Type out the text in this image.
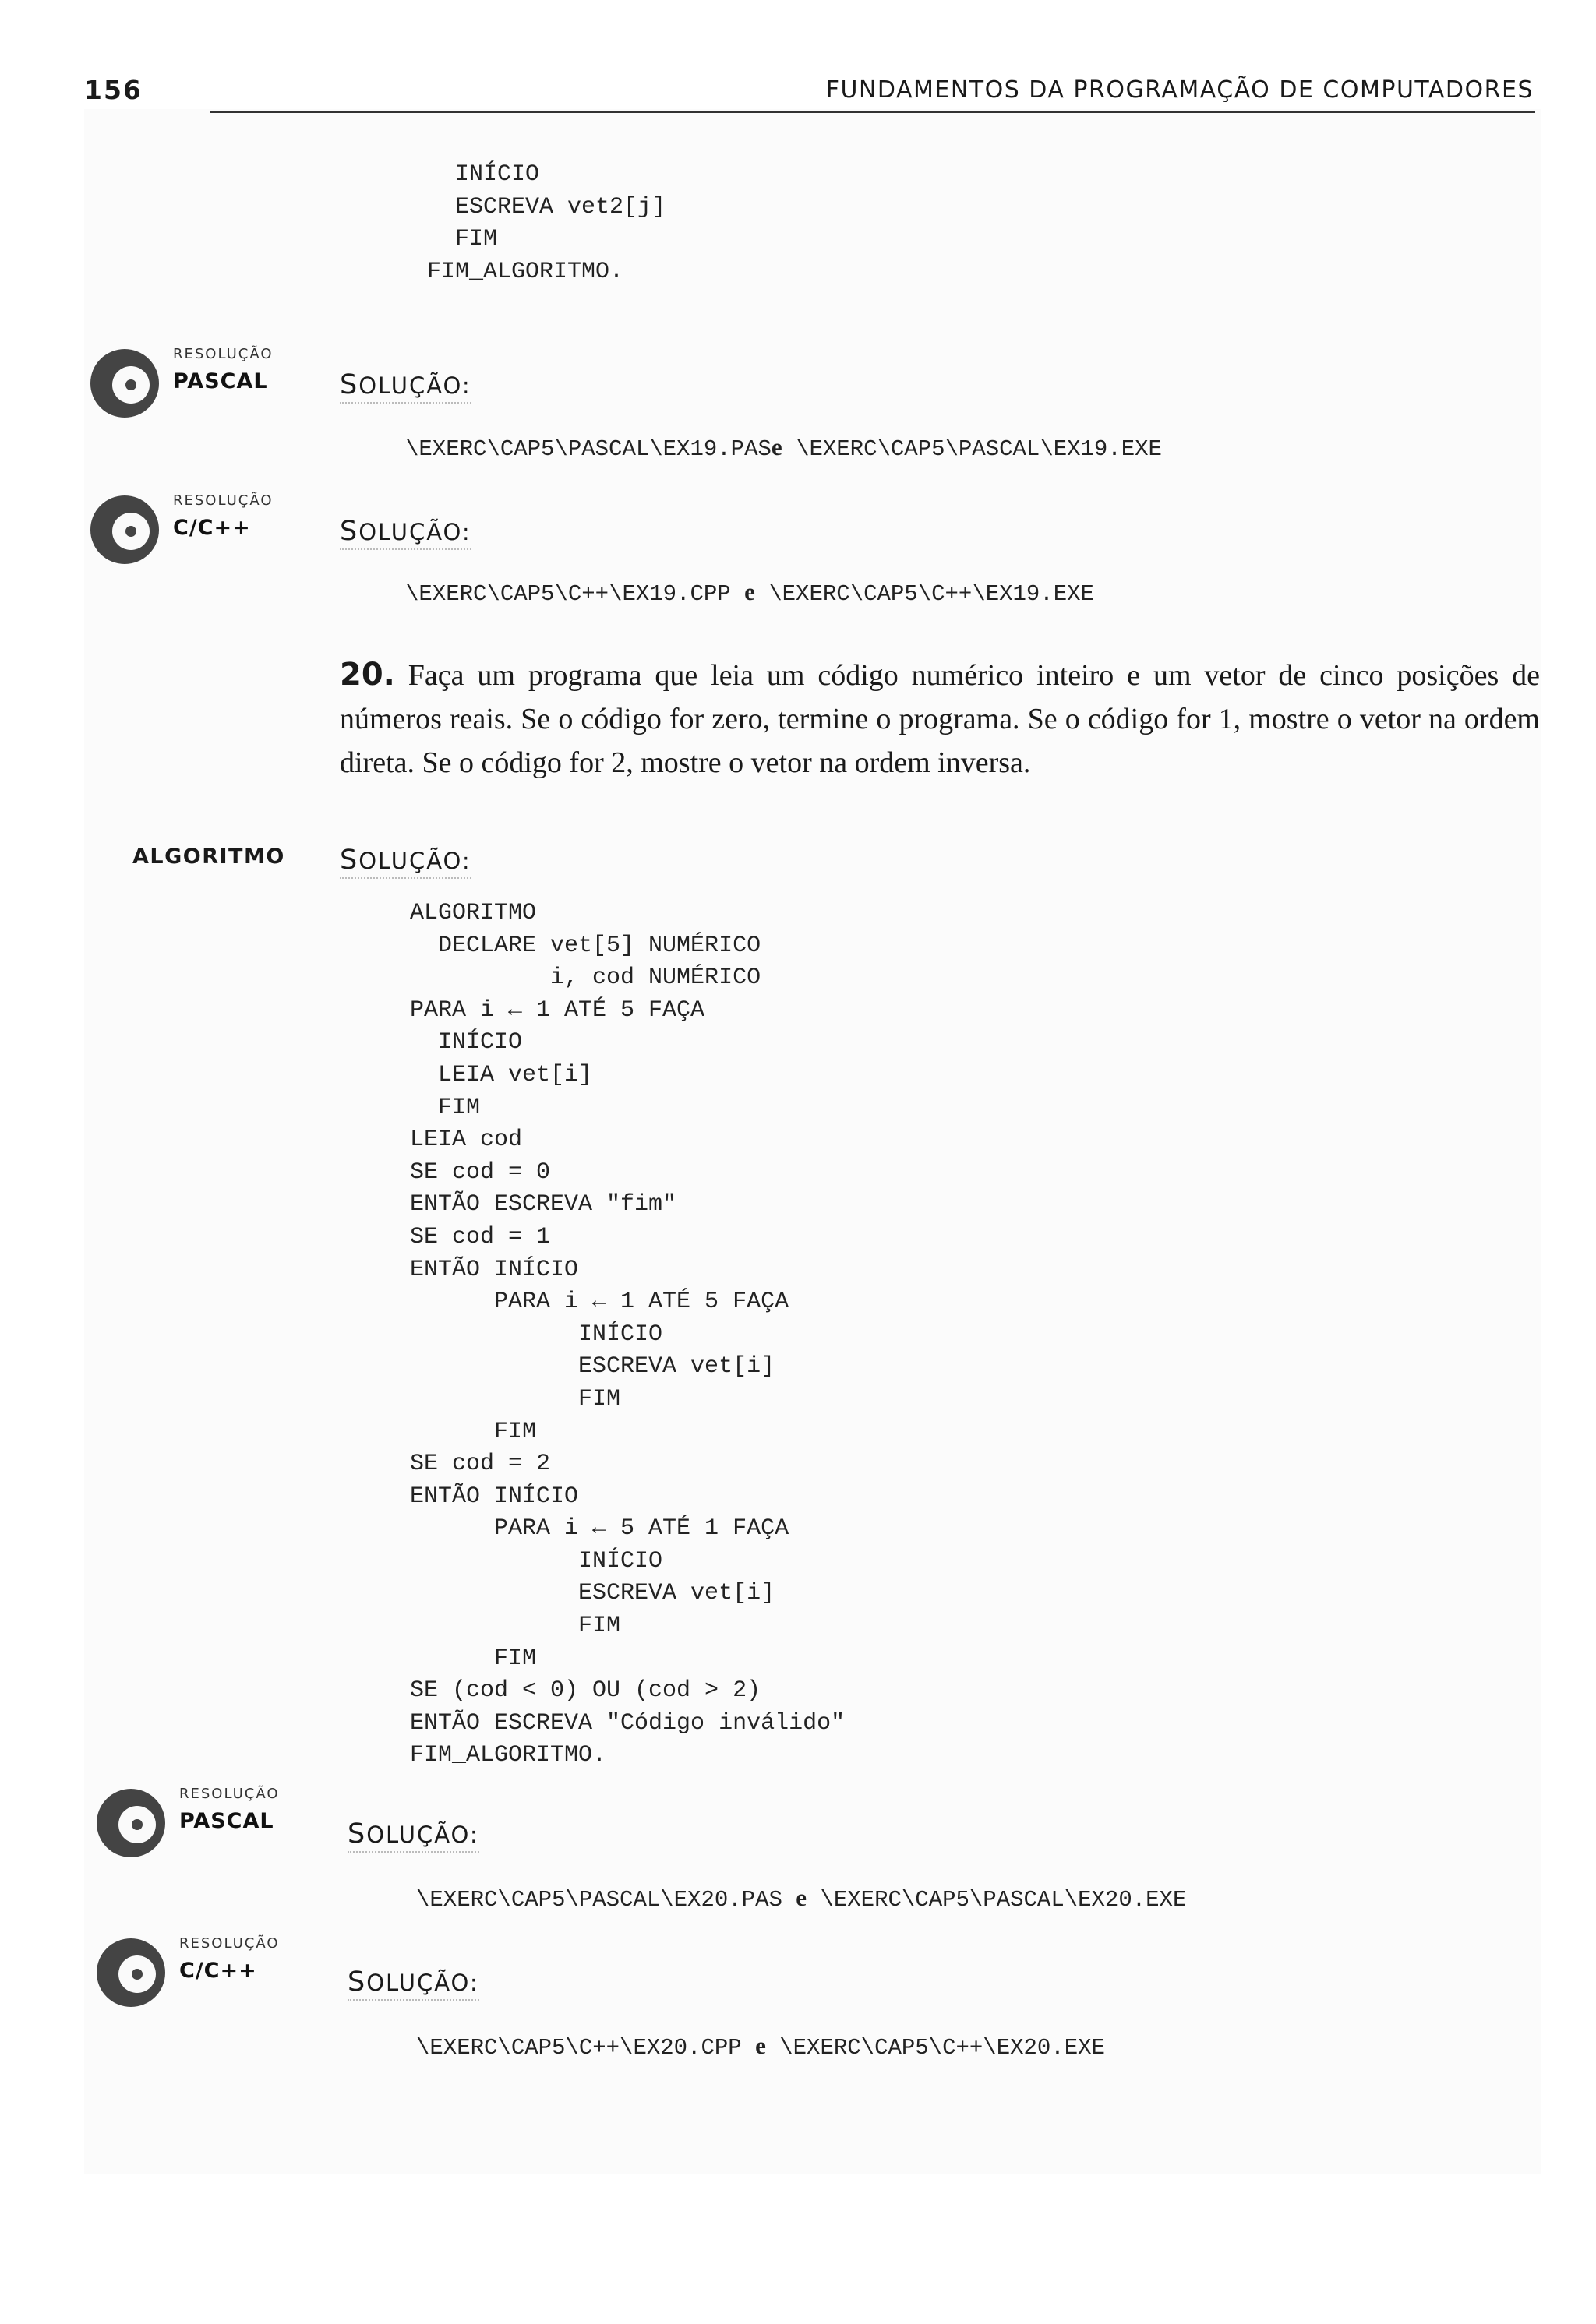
156	FUNDAMENTOS DA PROGRAMAÇÃO DE COMPUTADORES
INÍCIO
ESCREVA vet2[j]
FIM
FIM_ALGORITMO.
RESOLUÇÃO
PASCAL	SOLUÇÃO:
\EXERC\CAP5\PASCAL\EX19.PASe \EXERC\CAP5\PASCAL\EX19.EXE
RESOLUÇÃO
C/C++	SOLUÇÃO:
\EXERC\CAP5\C++\EX19.CPP e \EXERC\CAP5\C++\EX19.EXE
20. Faça um programa que leia um código numérico inteiro e um vetor de cinco posições de números reais. Se o código for zero, termine o programa. Se o código for 1, mostre o vetor na ordem direta. Se o código for 2, mostre o vetor na ordem inversa.
ALGORITMO SOLUÇÃO:
ALGORITMO
DECLARE vet[5] NUMÉRICO
i, cod NUMÉRICO
PARA i ← 1 ATÉ 5 FAÇA
INÍCIO
LEIA vet[i]
FIM
LEIA cod
SE cod = 0
ENTÃO ESCREVA "fim"
SE cod = 1
ENTÃO INÍCIO
PARA i ← 1 ATÉ 5 FAÇA
INÍCIO
ESCREVA vet[i]
FIM
FIM
SE cod = 2
ENTÃO INÍCIO
PARA i ← 5 ATÉ 1 FAÇA
INÍCIO
ESCREVA vet[i]
FIM
FIM
SE (cod < 0) OU (cod > 2)
ENTÃO ESCREVA "Código inválido"
FIM_ALGORITMO.
RESOLUÇÃO
PASCAL	SOLUÇÃO:
\EXERC\CAP5\PASCAL\EX20.PAS e \EXERC\CAP5\PASCAL\EX20.EXE
RESOLUÇÃO
C/C++	SOLUÇÃO:
\EXERC\CAP5\C++\EX20.CPP e \EXERC\CAP5\C++\EX20.EXE
